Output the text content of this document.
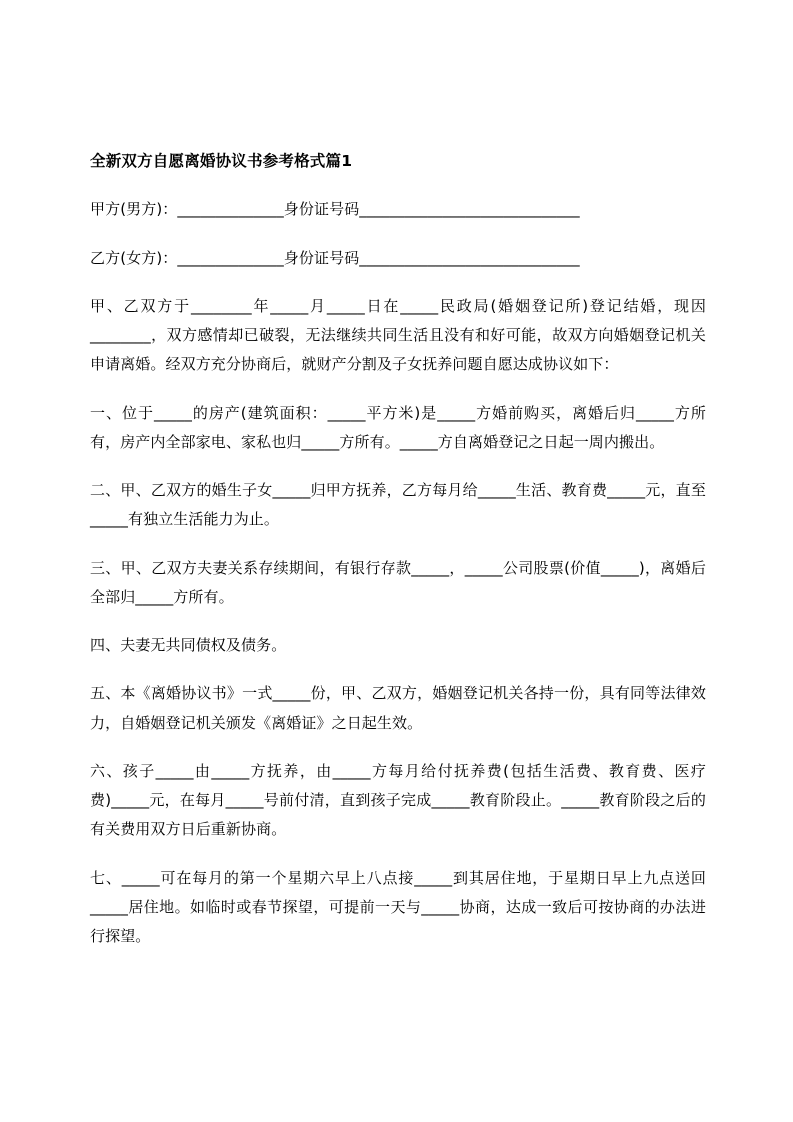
全新双方自愿离婚协议书参考格式篇1

甲方(男方)：______________身份证号码_____________________________

乙方(女方)：______________身份证号码_____________________________

甲、乙双方于________年_____月_____日在_____民政局(婚姻登记所)登记结婚，现因________，双方感情却已破裂，无法继续共同生活且没有和好可能，故双方向婚姻登记机关申请离婚。经双方充分协商后，就财产分割及子女抚养问题自愿达成协议如下：

一、位于_____的房产(建筑面积：_____平方米)是_____方婚前购买，离婚后归_____方所有，房产内全部家电、家私也归_____方所有。_____方自离婚登记之日起一周内搬出。

二、甲、乙双方的婚生子女_____归甲方抚养，乙方每月给_____生活、教育费_____元，直至_____有独立生活能力为止。

三、甲、乙双方夫妻关系存续期间，有银行存款_____，_____公司股票(价值_____)，离婚后全部归_____方所有。

四、夫妻无共同债权及债务。

五、本《离婚协议书》一式_____份，甲、乙双方，婚姻登记机关各持一份，具有同等法律效力，自婚姻登记机关颁发《离婚证》之日起生效。

六、孩子_____由_____方抚养，由_____方每月给付抚养费(包括生活费、教育费、医疗费)_____元，在每月_____号前付清，直到孩子完成_____教育阶段止。_____教育阶段之后的有关费用双方日后重新协商。

七、_____可在每月的第一个星期六早上八点接_____到其居住地，于星期日早上九点送回_____居住地。如临时或春节探望，可提前一天与_____协商，达成一致后可按协商的办法进行探望。
